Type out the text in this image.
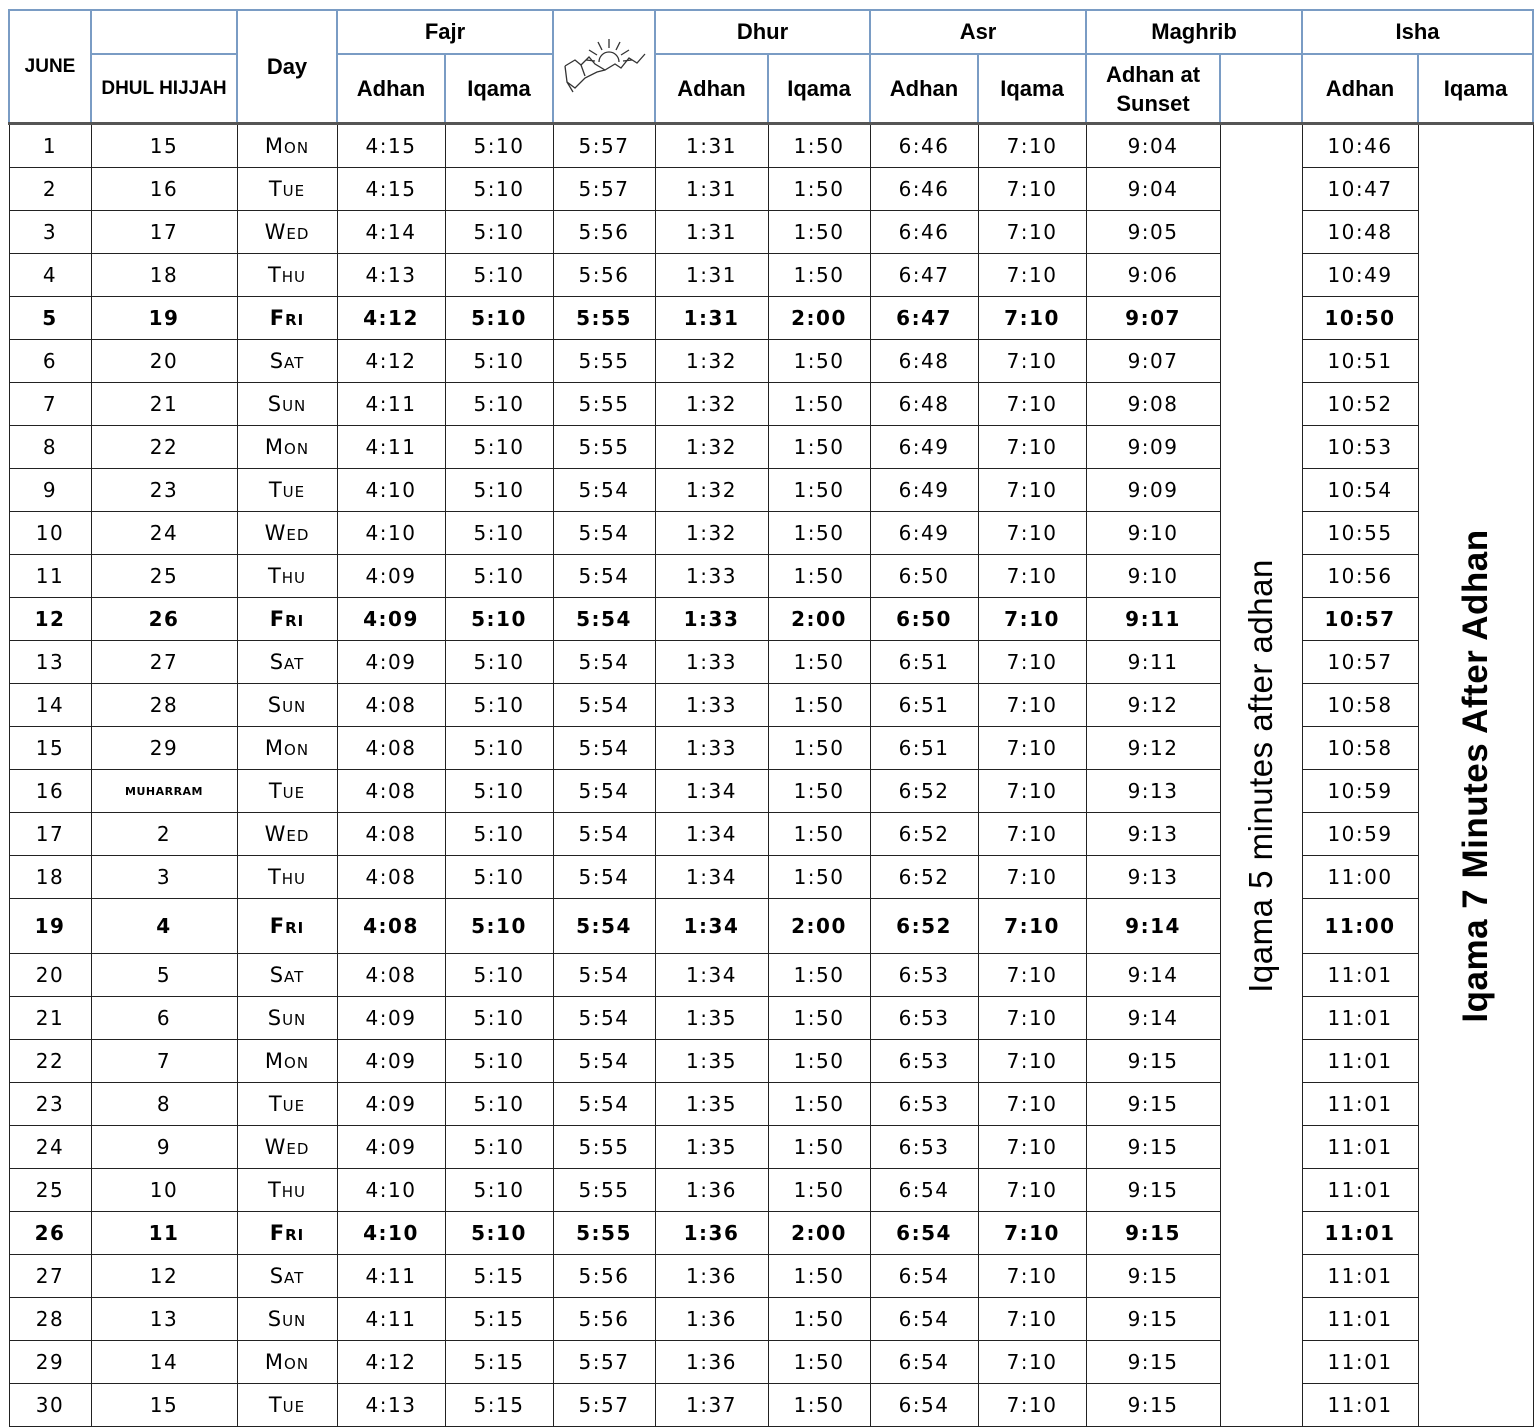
JUNE		Day	Fajr			Dhur		Asr		Maghrib		Isha	
	DHUL HIJJAH		Adhan	Iqama		Adhan	Iqama	Adhan	Iqama	Adhan at Sunset		Adhan	Iqama
1	15	Mon	4:15	5:10	5:57	1:31	1:50	6:46	7:10	9:04	Iqama 5 minutes after adhan	10:46	Iqama 7 Minutes After Adhan

2	16	Tue	4:15	5:10	5:57	1:31	1:50	6:46	7:10	9:04		10:47	
3	17	Wed	4:14	5:10	5:56	1:31	1:50	6:46	7:10	9:05		10:48	
4	18	Thu	4:13	5:10	5:56	1:31	1:50	6:47	7:10	9:06		10:49	
5	19	Fri	4:12	5:10	5:55	1:31	2:00	6:47	7:10	9:07		10:50	
6	20	Sat	4:12	5:10	5:55	1:32	1:50	6:48	7:10	9:07		10:51	
7	21	Sun	4:11	5:10	5:55	1:32	1:50	6:48	7:10	9:08		10:52	
8	22	Mon	4:11	5:10	5:55	1:32	1:50	6:49	7:10	9:09		10:53	
9	23	Tue	4:10	5:10	5:54	1:32	1:50	6:49	7:10	9:09		10:54	
10	24	Wed	4:10	5:10	5:54	1:32	1:50	6:49	7:10	9:10		10:55	
11	25	Thu	4:09	5:10	5:54	1:33	1:50	6:50	7:10	9:10		10:56	
12	26	Fri	4:09	5:10	5:54	1:33	2:00	6:50	7:10	9:11		10:57	
13	27	Sat	4:09	5:10	5:54	1:33	1:50	6:51	7:10	9:11		10:57	
14	28	Sun	4:08	5:10	5:54	1:33	1:50	6:51	7:10	9:12		10:58	
15	29	Mon	4:08	5:10	5:54	1:33	1:50	6:51	7:10	9:12		10:58	
16	MUHARRAM	Tue	4:08	5:10	5:54	1:34	1:50	6:52	7:10	9:13		10:59	
17	2	Wed	4:08	5:10	5:54	1:34	1:50	6:52	7:10	9:13		10:59	
18	3	Thu	4:08	5:10	5:54	1:34	1:50	6:52	7:10	9:13		11:00	
19	4	Fri	4:08	5:10	5:54	1:34	2:00	6:52	7:10	9:14		11:00	
20	5	Sat	4:08	5:10	5:54	1:34	1:50	6:53	7:10	9:14		11:01	
21	6	Sun	4:09	5:10	5:54	1:35	1:50	6:53	7:10	9:14		11:01	
22	7	Mon	4:09	5:10	5:54	1:35	1:50	6:53	7:10	9:15		11:01	
23	8	Tue	4:09	5:10	5:54	1:35	1:50	6:53	7:10	9:15		11:01	
24	9	Wed	4:09	5:10	5:55	1:35	1:50	6:53	7:10	9:15		11:01	
25	10	Thu	4:10	5:10	5:55	1:36	1:50	6:54	7:10	9:15		11:01	
26	11	Fri	4:10	5:10	5:55	1:36	2:00	6:54	7:10	9:15		11:01	
27	12	Sat	4:11	5:15	5:56	1:36	1:50	6:54	7:10	9:15		11:01	
28	13	Sun	4:11	5:15	5:56	1:36	1:50	6:54	7:10	9:15		11:01	
29	14	Mon	4:12	5:15	5:57	1:36	1:50	6:54	7:10	9:15		11:01	
30	15	Tue	4:13	5:15	5:57	1:37	1:50	6:54	7:10	9:15		11:01	
